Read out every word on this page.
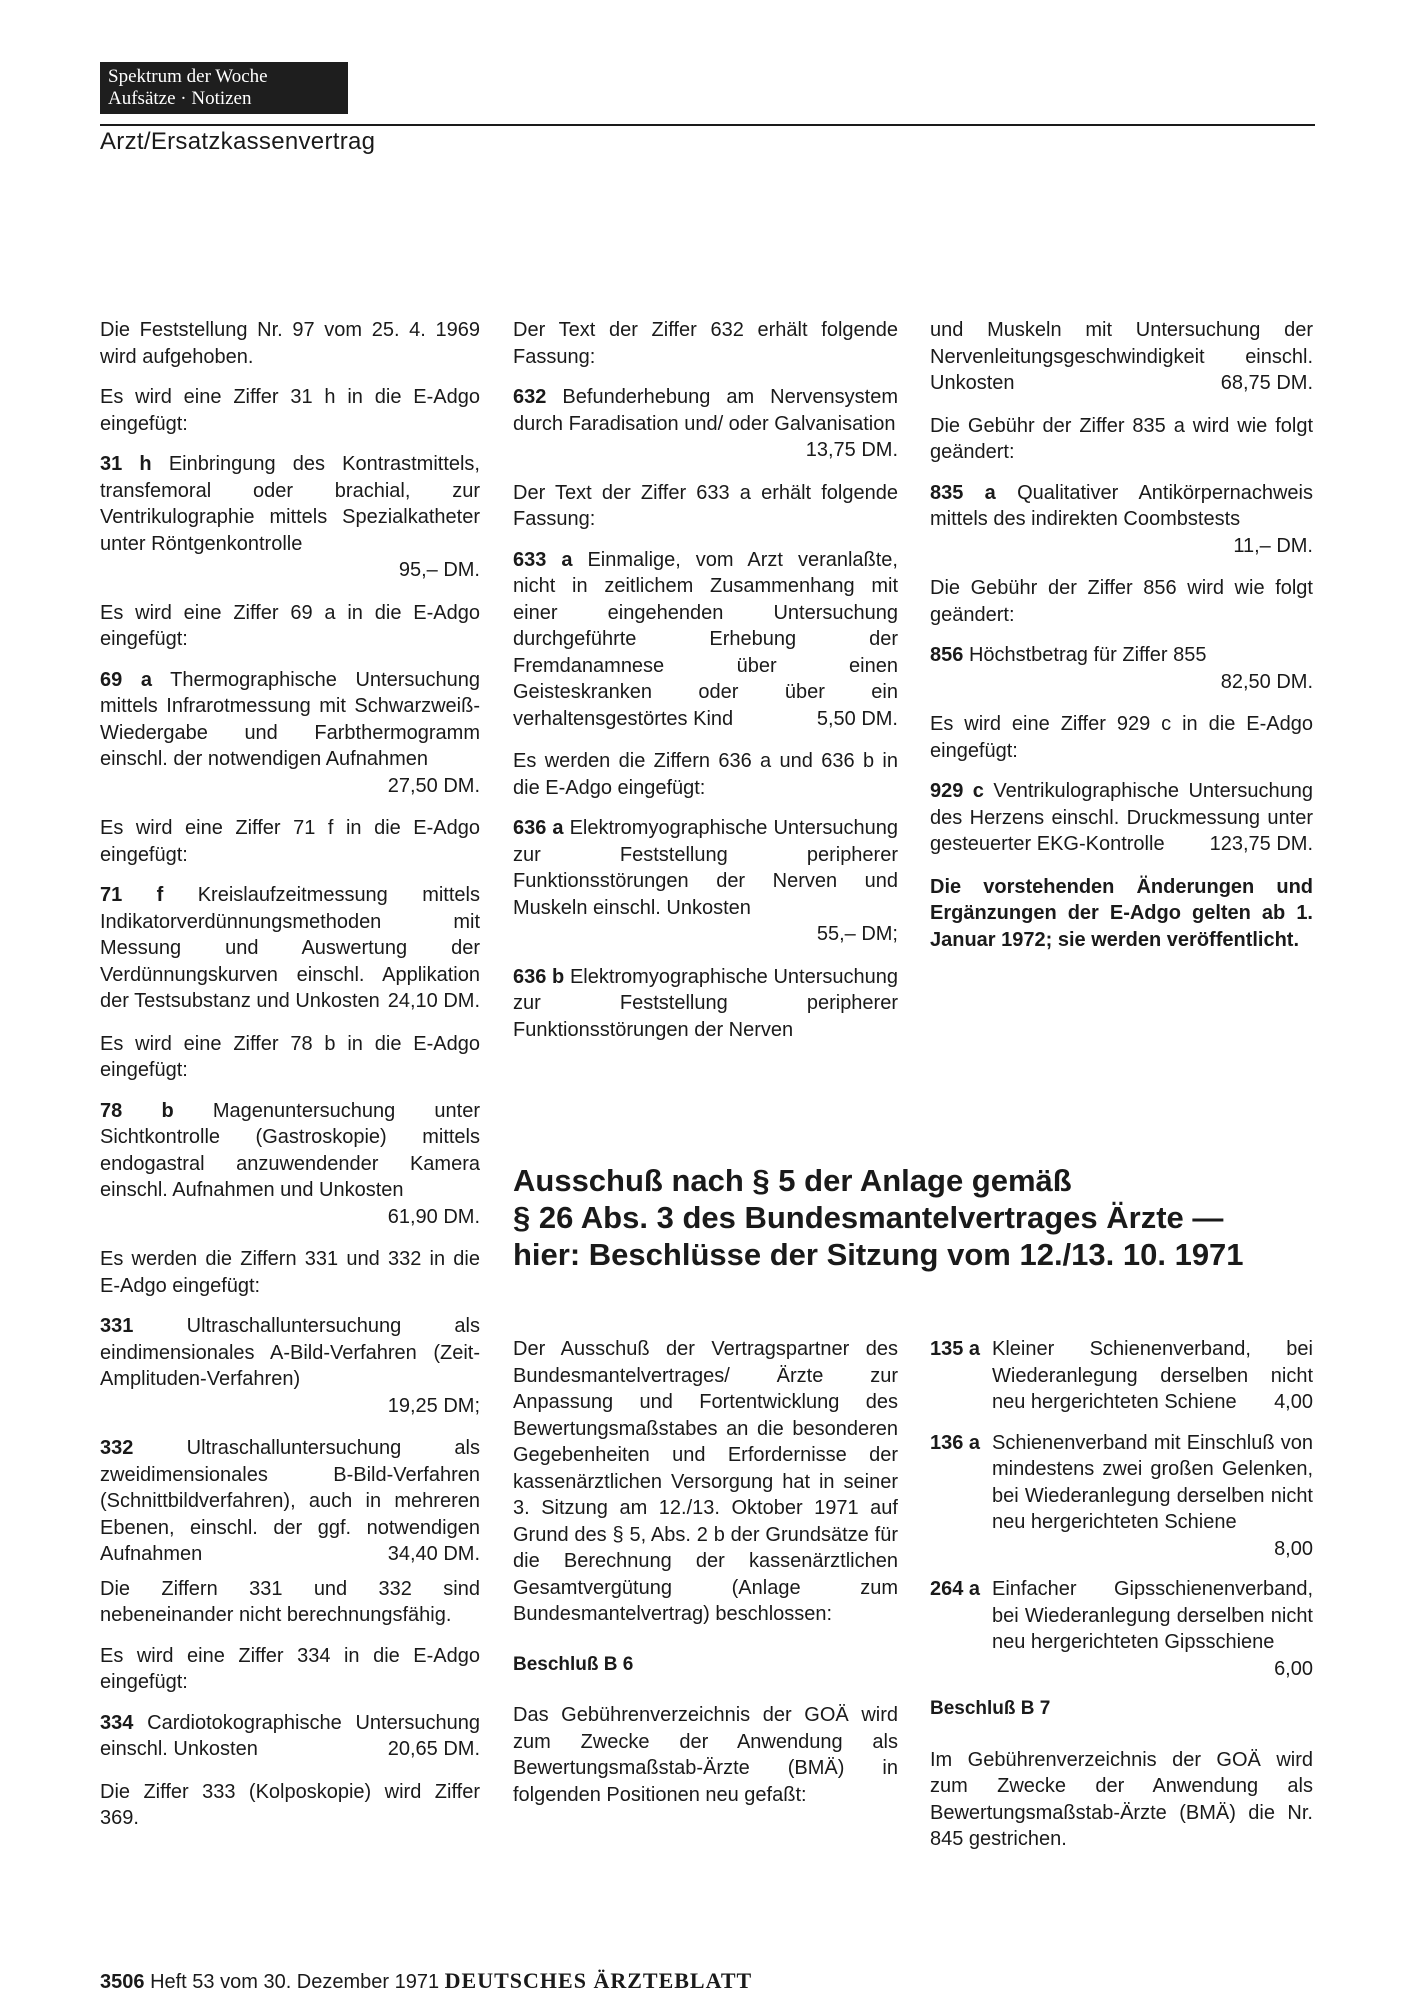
Spektrum der Woche
Aufsätze · Notizen
Arzt/Ersatzkassenvertrag

Die Feststellung Nr. 97 vom 25. 4. 1969 wird aufgehoben.

Es wird eine Ziffer 31 h in die E-Adgo eingefügt:

31 h Einbringung des Kontrastmittels, transfemoral oder brachial, zur Ventrikulographie mittels Spezialkatheter unter Röntgenkontrolle
95,– DM.

Es wird eine Ziffer 69 a in die E-Adgo eingefügt:

69 a Thermographische Untersuchung mittels Infrarotmessung mit Schwarzweiß-Wiedergabe und Farbthermogramm einschl. der notwendigen Aufnahmen
27,50 DM.

Es wird eine Ziffer 71 f in die E-Adgo eingefügt:

71 f Kreislaufzeitmessung mittels Indikatorverdünnungsmethoden mit Messung und Auswertung der Verdünnungskurven einschl. Applikation der Testsubstanz und Unkosten 24,10 DM.

Es wird eine Ziffer 78 b in die E-Adgo eingefügt:

78 b Magenuntersuchung unter Sichtkontrolle (Gastroskopie) mittels endogastral anzuwendender Kamera einschl. Aufnahmen und Unkosten
61,90 DM.

Es werden die Ziffern 331 und 332 in die E-Adgo eingefügt:

331	Ultraschalluntersuchung als eindimensionales A-Bild-Verfahren (Zeit-Amplituden-Verfahren)
19,25 DM;
332	Ultraschalluntersuchung als zweidimensionales B-Bild-Verfahren (Schnittbildverfahren), auch in mehreren Ebenen, einschl. der ggf. notwendigen Aufnahmen	34,40 DM.

Die Ziffern 331 und 332 sind nebeneinander nicht berechnungsfähig.

Es wird eine Ziffer 334 in die E-Adgo eingefügt:

334 Cardiotokographische Untersuchung einschl. Unkosten	20,65 DM.

Die Ziffer 333 (Kolposkopie) wird Ziffer 369.

Der Text der Ziffer 632 erhält folgende Fassung:

632 Befunderhebung am Nervensystem durch Faradisation und/ oder Galvanisation
13,75 DM.

Der Text der Ziffer 633 a erhält folgende Fassung:

633 a Einmalige, vom Arzt veranlaßte, nicht in zeitlichem Zusammenhang mit einer eingehenden Untersuchung durchgeführte Erhebung der Fremdanamnese über einen Geisteskranken oder über ein verhaltensgestörtes Kind	5,50 DM.

Es werden die Ziffern 636 a und 636 b in die E-Adgo eingefügt:

636 a Elektromyographische Untersuchung zur Feststellung peripherer Funktionsstörungen der Nerven und Muskeln einschl. Unkosten
55,– DM;
636 b Elektromyographische Untersuchung zur Feststellung peripherer Funktionsstörungen der Nerven
und Muskeln mit Untersuchung der Nervenleitungsgeschwindigkeit einschl. Unkosten	68,75 DM.

Die Gebühr der Ziffer 835 a wird wie folgt geändert:

835 a Qualitativer Antikörpernachweis mittels des indirekten Coombstests
11,– DM.

Die Gebühr der Ziffer 856 wird wie folgt geändert:

856 Höchstbetrag für Ziffer 855
82,50 DM.

Es wird eine Ziffer 929 c in die E-Adgo eingefügt:

929 c Ventrikulographische Untersuchung des Herzens einschl. Druckmessung unter gesteuerter EKG-Kontrolle 123,75 DM.

Die vorstehenden Änderungen und Ergänzungen der E-Adgo gelten ab 1. Januar 1972; sie werden veröffentlicht.

Ausschuß nach § 5 der Anlage gemäß
§ 26 Abs. 3 des Bundesmantelvertrages Ärzte —
hier: Beschlüsse der Sitzung vom 12./13. 10. 1971

Der Ausschuß der Vertragspartner des Bundesmantelvertrages/ Ärzte zur Anpassung und Fortentwicklung des Bewertungsmaßstabes an die besonderen Gegebenheiten und Erfordernisse der kassenärztlichen Versorgung hat in seiner 3. Sitzung am 12./13. Oktober 1971 auf Grund des § 5, Abs. 2 b der Grundsätze für die Berechnung der kassenärztlichen Gesamtvergütung (Anlage zum Bundesmantelvertrag) beschlossen:

Beschluß B 6

Das Gebührenverzeichnis der GOÄ wird zum Zwecke der Anwendung als Bewertungsmaßstab-Ärzte (BMÄ) in folgenden Positionen neu gefaßt:

135 a Kleiner Schienenverband, bei Wiederanlegung derselben nicht neu hergerichteten Schiene 4,00
136 a Schienenverband mit Einschluß von mindestens zwei großen Gelenken, bei Wiederanlegung derselben nicht neu hergerichteten Schiene
8,00
264 a Einfacher Gipsschienenverband, bei Wiederanlegung derselben nicht neu hergerichteten Gipsschiene
6,00
Beschluß B 7

Im Gebührenverzeichnis der GOÄ wird zum Zwecke der Anwendung als Bewertungsmaßstab-Ärzte (BMÄ) die Nr. 845 gestrichen.

3506 Heft 53 vom 30. Dezember 1971 DEUTSCHES ÄRZTEBLATT
